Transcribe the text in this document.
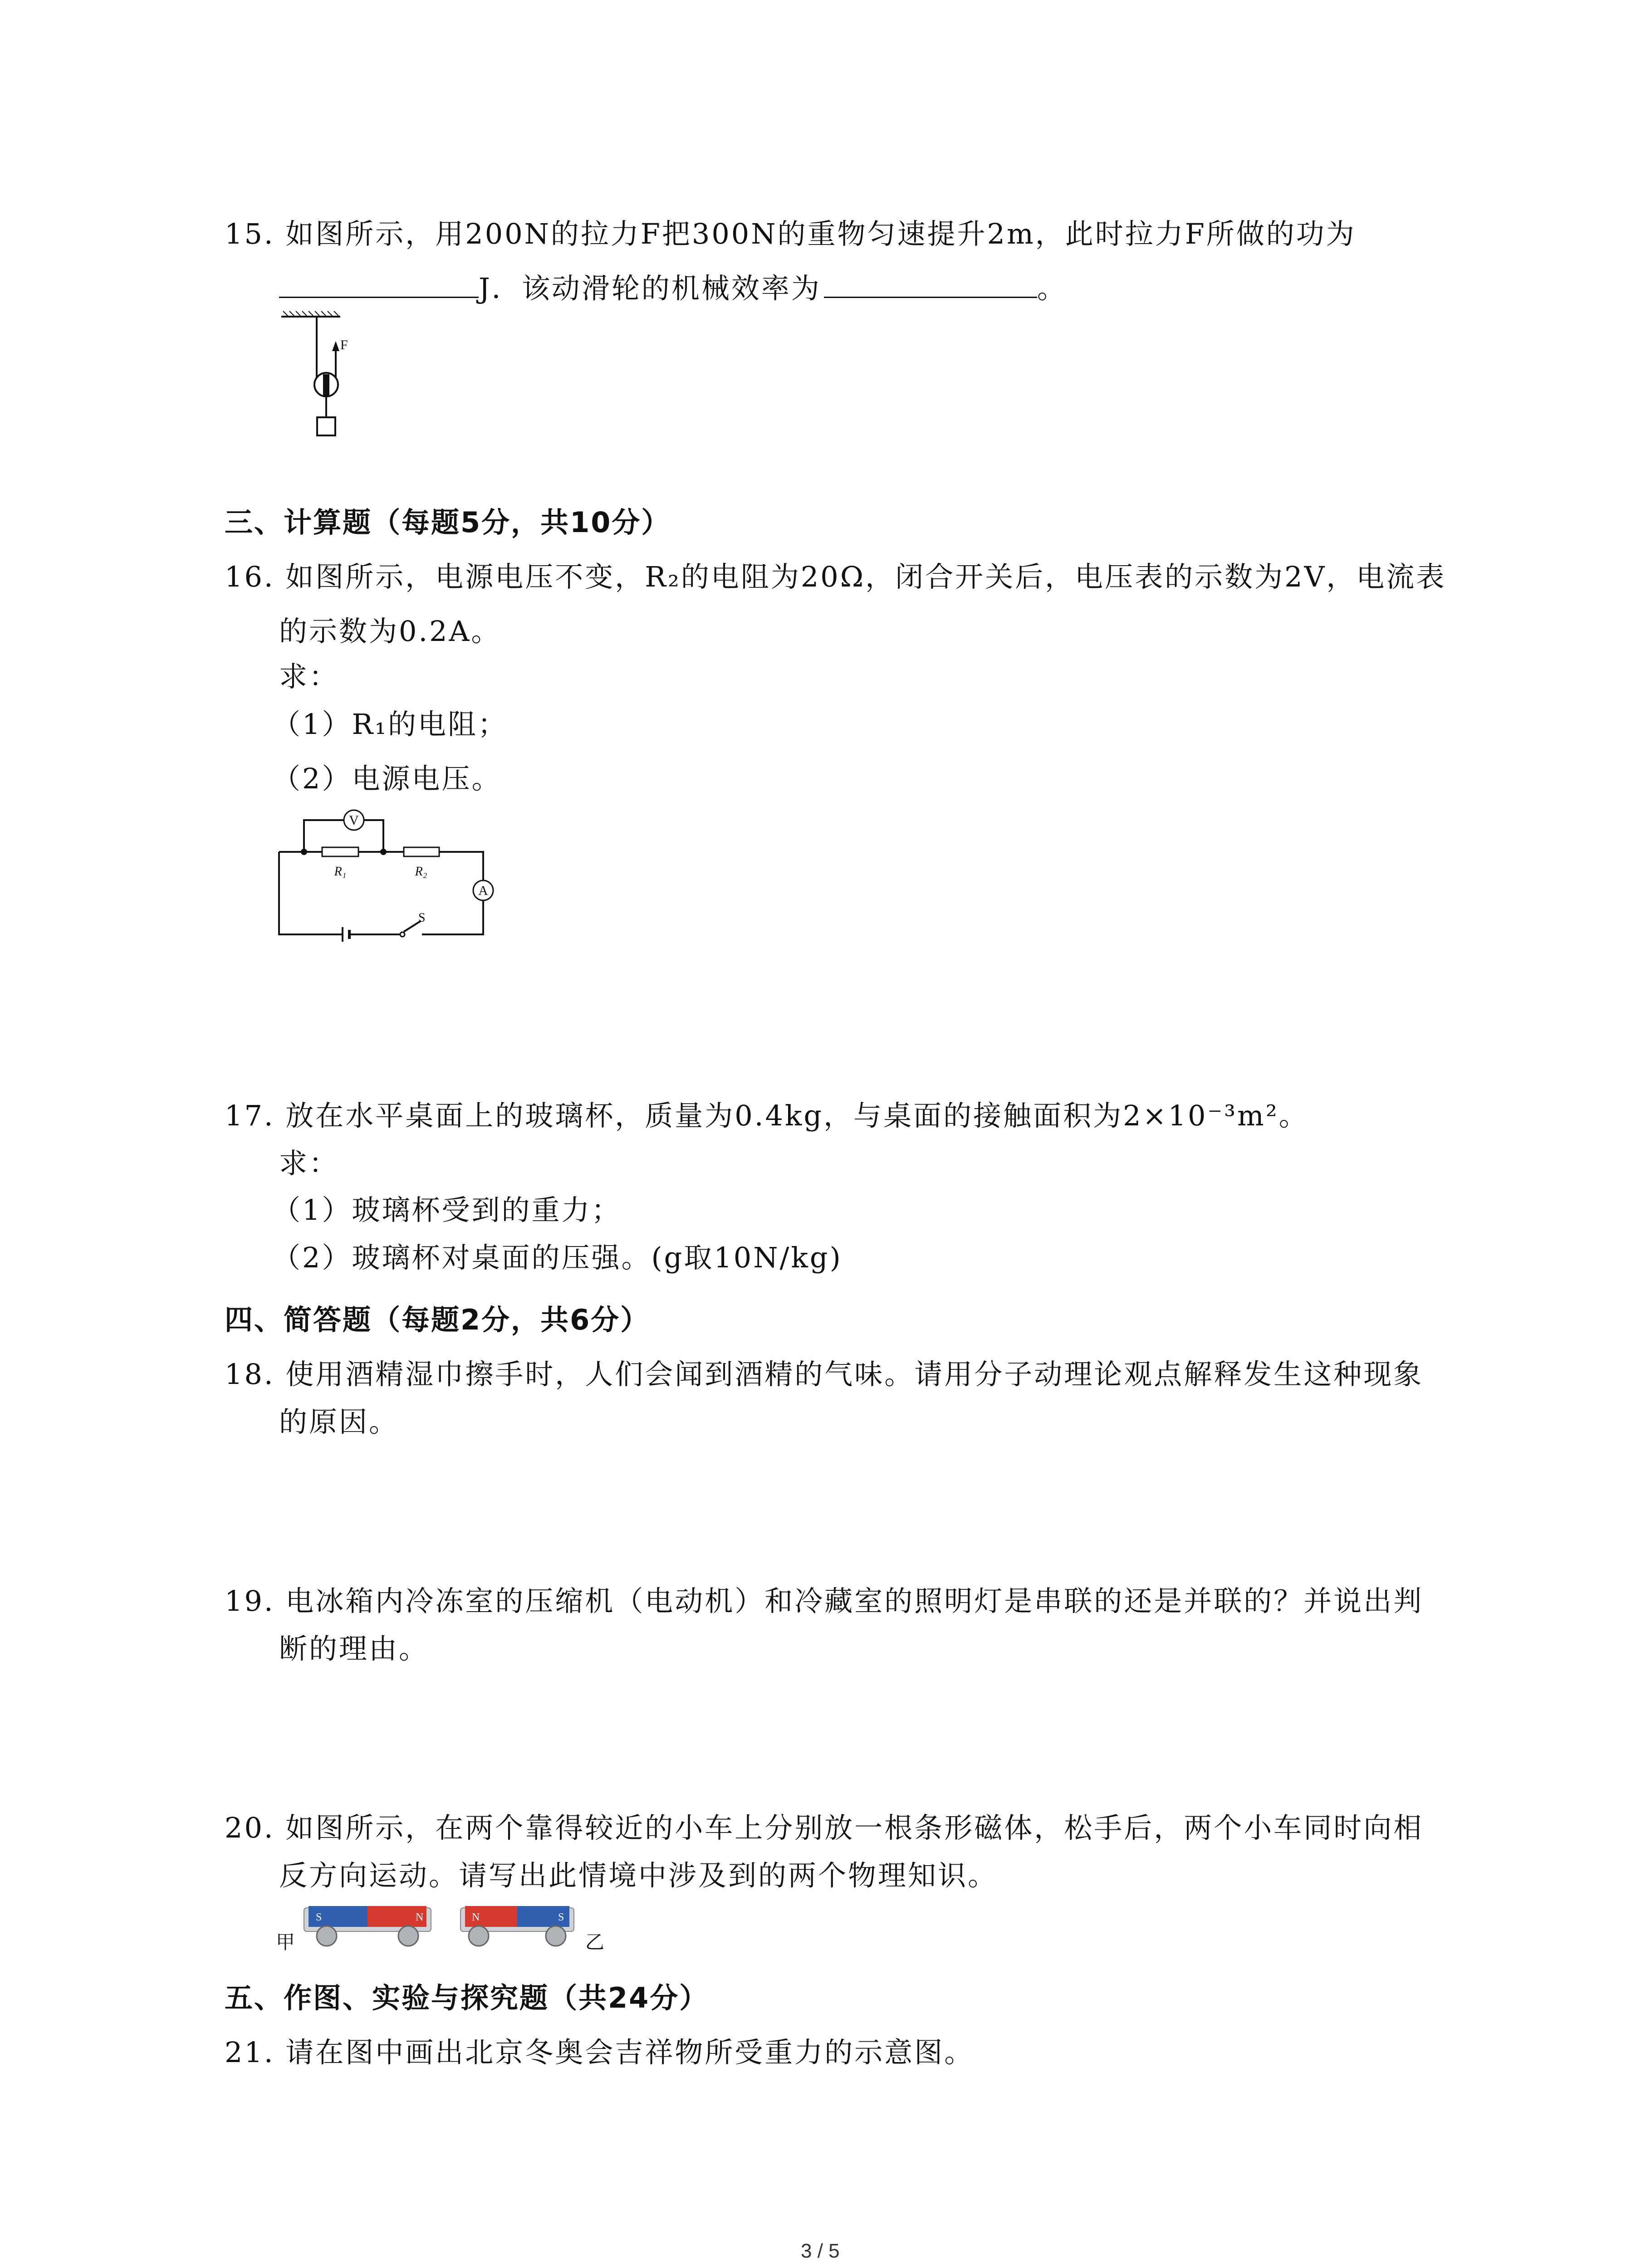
15. 如图所示，用200N的拉力F把300N的重物匀速提升2m，此时拉力F所做的功为
J．该动滑轮的机械效率为	。
F
三、计算题（每题5分，共10分）
16. 如图所示，电源电压不变，R₂的电阻为20Ω，闭合开关后，电压表的示数为2V，电流表
的示数为0.2A。
求：
（1）R₁的电阻；
（2）电源电压。
V
R₁	R₂
A
S
17. 放在水平桌面上的玻璃杯，质量为0.4kg，与桌面的接触面积为2×10⁻³m²。
求：
（1）玻璃杯受到的重力；
（2）玻璃杯对桌面的压强。(g取10N/kg)
四、简答题（每题2分，共6分）
18. 使用酒精湿巾擦手时，人们会闻到酒精的气味。请用分子动理论观点解释发生这种现象
的原因。
19. 电冰箱内冷冻室的压缩机（电动机）和冷藏室的照明灯是串联的还是并联的？并说出判
断的理由。
20. 如图所示，在两个靠得较近的小车上分别放一根条形磁体，松手后，两个小车同时向相
反方向运动。请写出此情境中涉及到的两个物理知识。
甲
S	N	N	S
乙
五、作图、实验与探究题（共24分）
21. 请在图中画出北京冬奥会吉祥物所受重力的示意图。
3 / 5
